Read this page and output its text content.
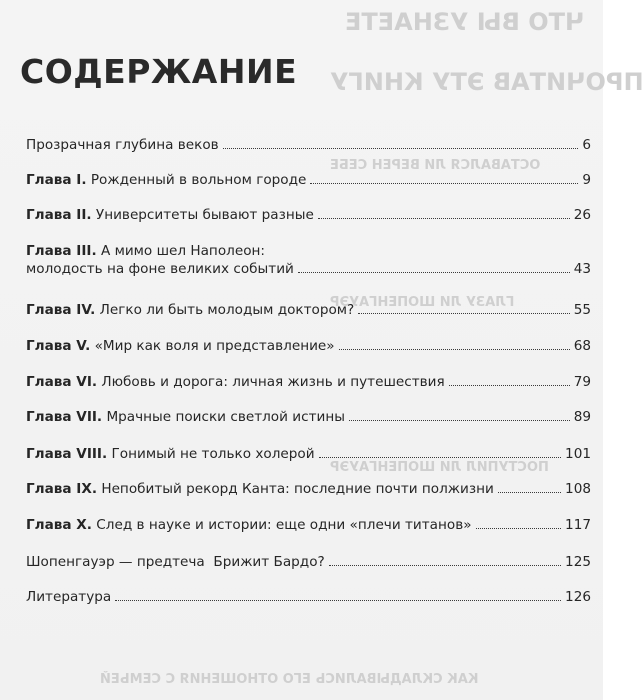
ЧТО ВЫ УЗНАЕТЕ
ПРОЧИТАВ ЭТУ КНИГУ
ОСТАВАЛСЯ ЛИ ВЕРЕН СЕБЕ
ГЛАЗУ ЛИ ШОПЕНГАУЭР
ПОСТУПИЛ ЛИ ШОПЕНГАУЭР
КАК СКЛАДЫВАЛИСЬ ЕГО ОТНОШЕНИЯ С СЕМЬЕЙ
СОДЕРЖАНИЕ
Прозрачная глубина веков	6
Глава I. Рожденный в вольном городе	9
Глава II. Университеты бывают разные	26
Глава III. А мимо шел Наполеон:
молодость на фоне великих событий	43
Глава IV. Легко ли быть молодым доктором?	55
Глава V. «Мир как воля и представление»	68
Глава VI. Любовь и дорога: личная жизнь и путешествия	79
Глава VII. Мрачные поиски светлой истины	89
Глава VIII. Гонимый не только холерой	101
Глава IX. Непобитый рекорд Канта: последние почти полжизни	108
Глава X. След в науке и истории: еще одни «плечи титанов»	117
Шопенгауэр — предтеча  Брижит Бардо?	125
Литература	126
